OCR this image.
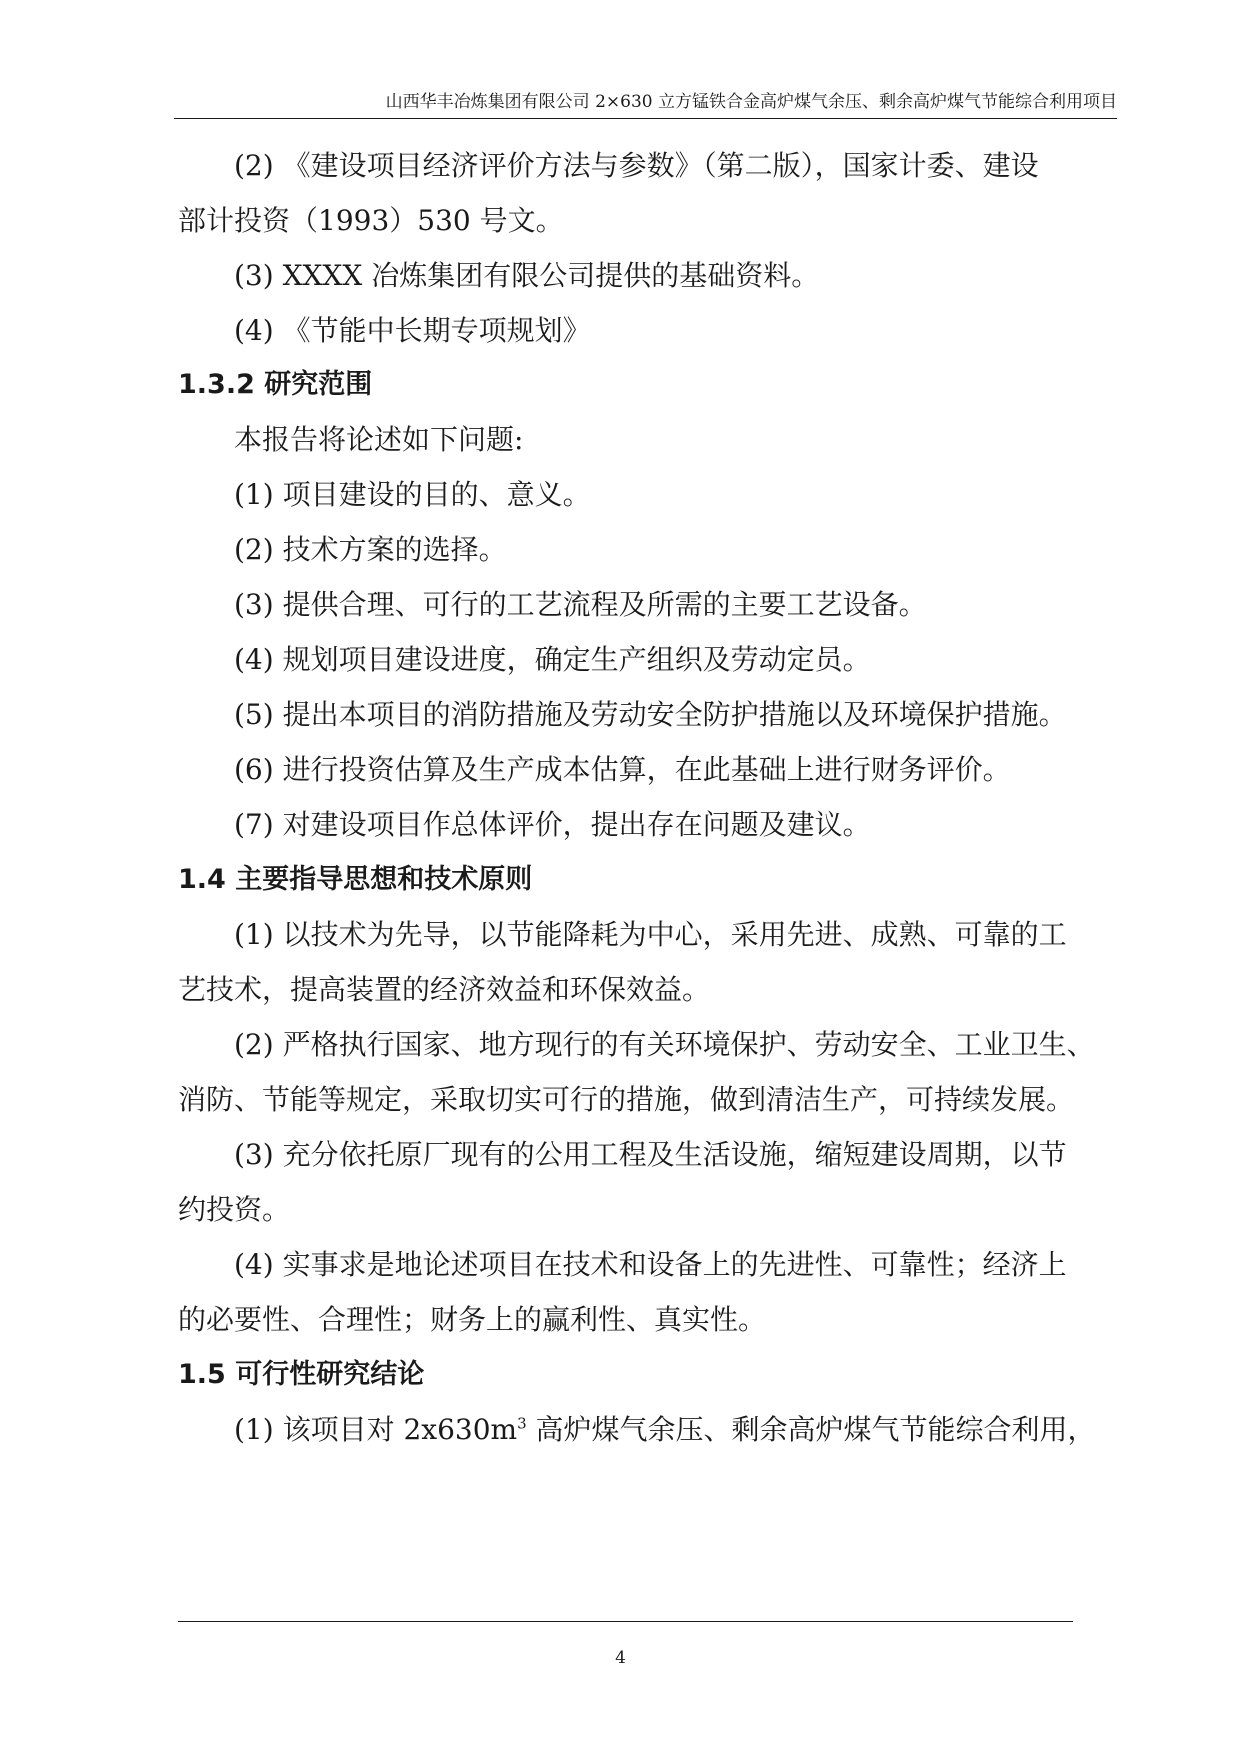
山西华丰冶炼集团有限公司 2×630 立方锰铁合金高炉煤气余压、剩余高炉煤气节能综合利用项目
(2) 《建设项目经济评价方法与参数》（第二版），国家计委、建设
部计投资（1993）530 号文。
(3) XXXX 冶炼集团有限公司提供的基础资料。
(4) 《节能中长期专项规划》
1.3.2 研究范围
本报告将论述如下问题:
(1) 项目建设的目的、意义。
(2) 技术方案的选择。
(3) 提供合理、可行的工艺流程及所需的主要工艺设备。
(4) 规划项目建设进度，确定生产组织及劳动定员。
(5) 提出本项目的消防措施及劳动安全防护措施以及环境保护措施。
(6) 进行投资估算及生产成本估算，在此基础上进行财务评价。
(7) 对建设项目作总体评价，提出存在问题及建议。
1.4 主要指导思想和技术原则
(1) 以技术为先导，以节能降耗为中心，采用先进、成熟、可靠的工
艺技术，提高装置的经济效益和环保效益。
(2) 严格执行国家、地方现行的有关环境保护、劳动安全、工业卫生、
消防、节能等规定，采取切实可行的措施，做到清洁生产，可持续发展。
(3) 充分依托原厂现有的公用工程及生活设施，缩短建设周期，以节
约投资。
(4) 实事求是地论述项目在技术和设备上的先进性、可靠性；经济上
的必要性、合理性；财务上的赢利性、真实性。
1.5 可行性研究结论
(1) 该项目对 $2x630m^3$ 高炉煤气余压、剩余高炉煤气节能综合利用，
4
